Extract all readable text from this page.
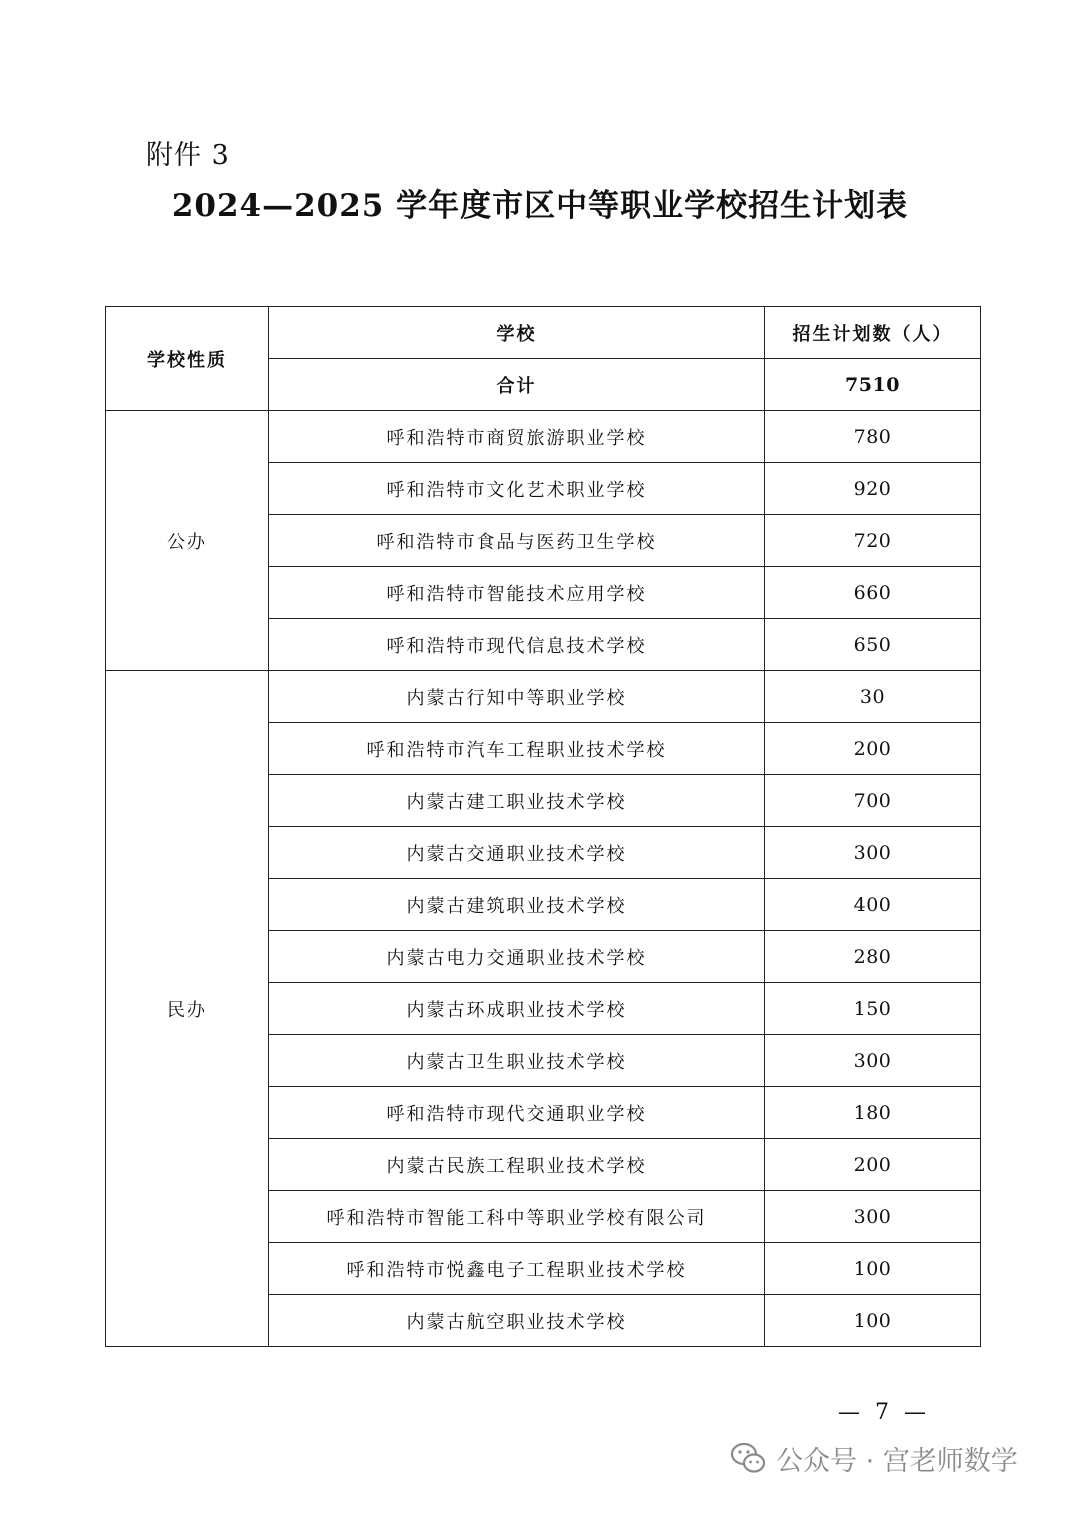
附件 3
2024—2025 学年度市区中等职业学校招生计划表
学校性质	学校	招生计划数（人）
	合计	7510
公办	呼和浩特市商贸旅游职业学校	780
	呼和浩特市文化艺术职业学校	920
	呼和浩特市食品与医药卫生学校	720
	呼和浩特市智能技术应用学校	660
	呼和浩特市现代信息技术学校	650
民办	内蒙古行知中等职业学校	30
	呼和浩特市汽车工程职业技术学校	200
	内蒙古建工职业技术学校	700
	内蒙古交通职业技术学校	300
	内蒙古建筑职业技术学校	400
	内蒙古电力交通职业技术学校	280
	内蒙古环成职业技术学校	150
	内蒙古卫生职业技术学校	300
	呼和浩特市现代交通职业学校	180
	内蒙古民族工程职业技术学校	200
	呼和浩特市智能工科中等职业学校有限公司	300
	呼和浩特市悦鑫电子工程职业技术学校	100
	内蒙古航空职业技术学校	100
— 7 —
公众号 · 宫老师数学
